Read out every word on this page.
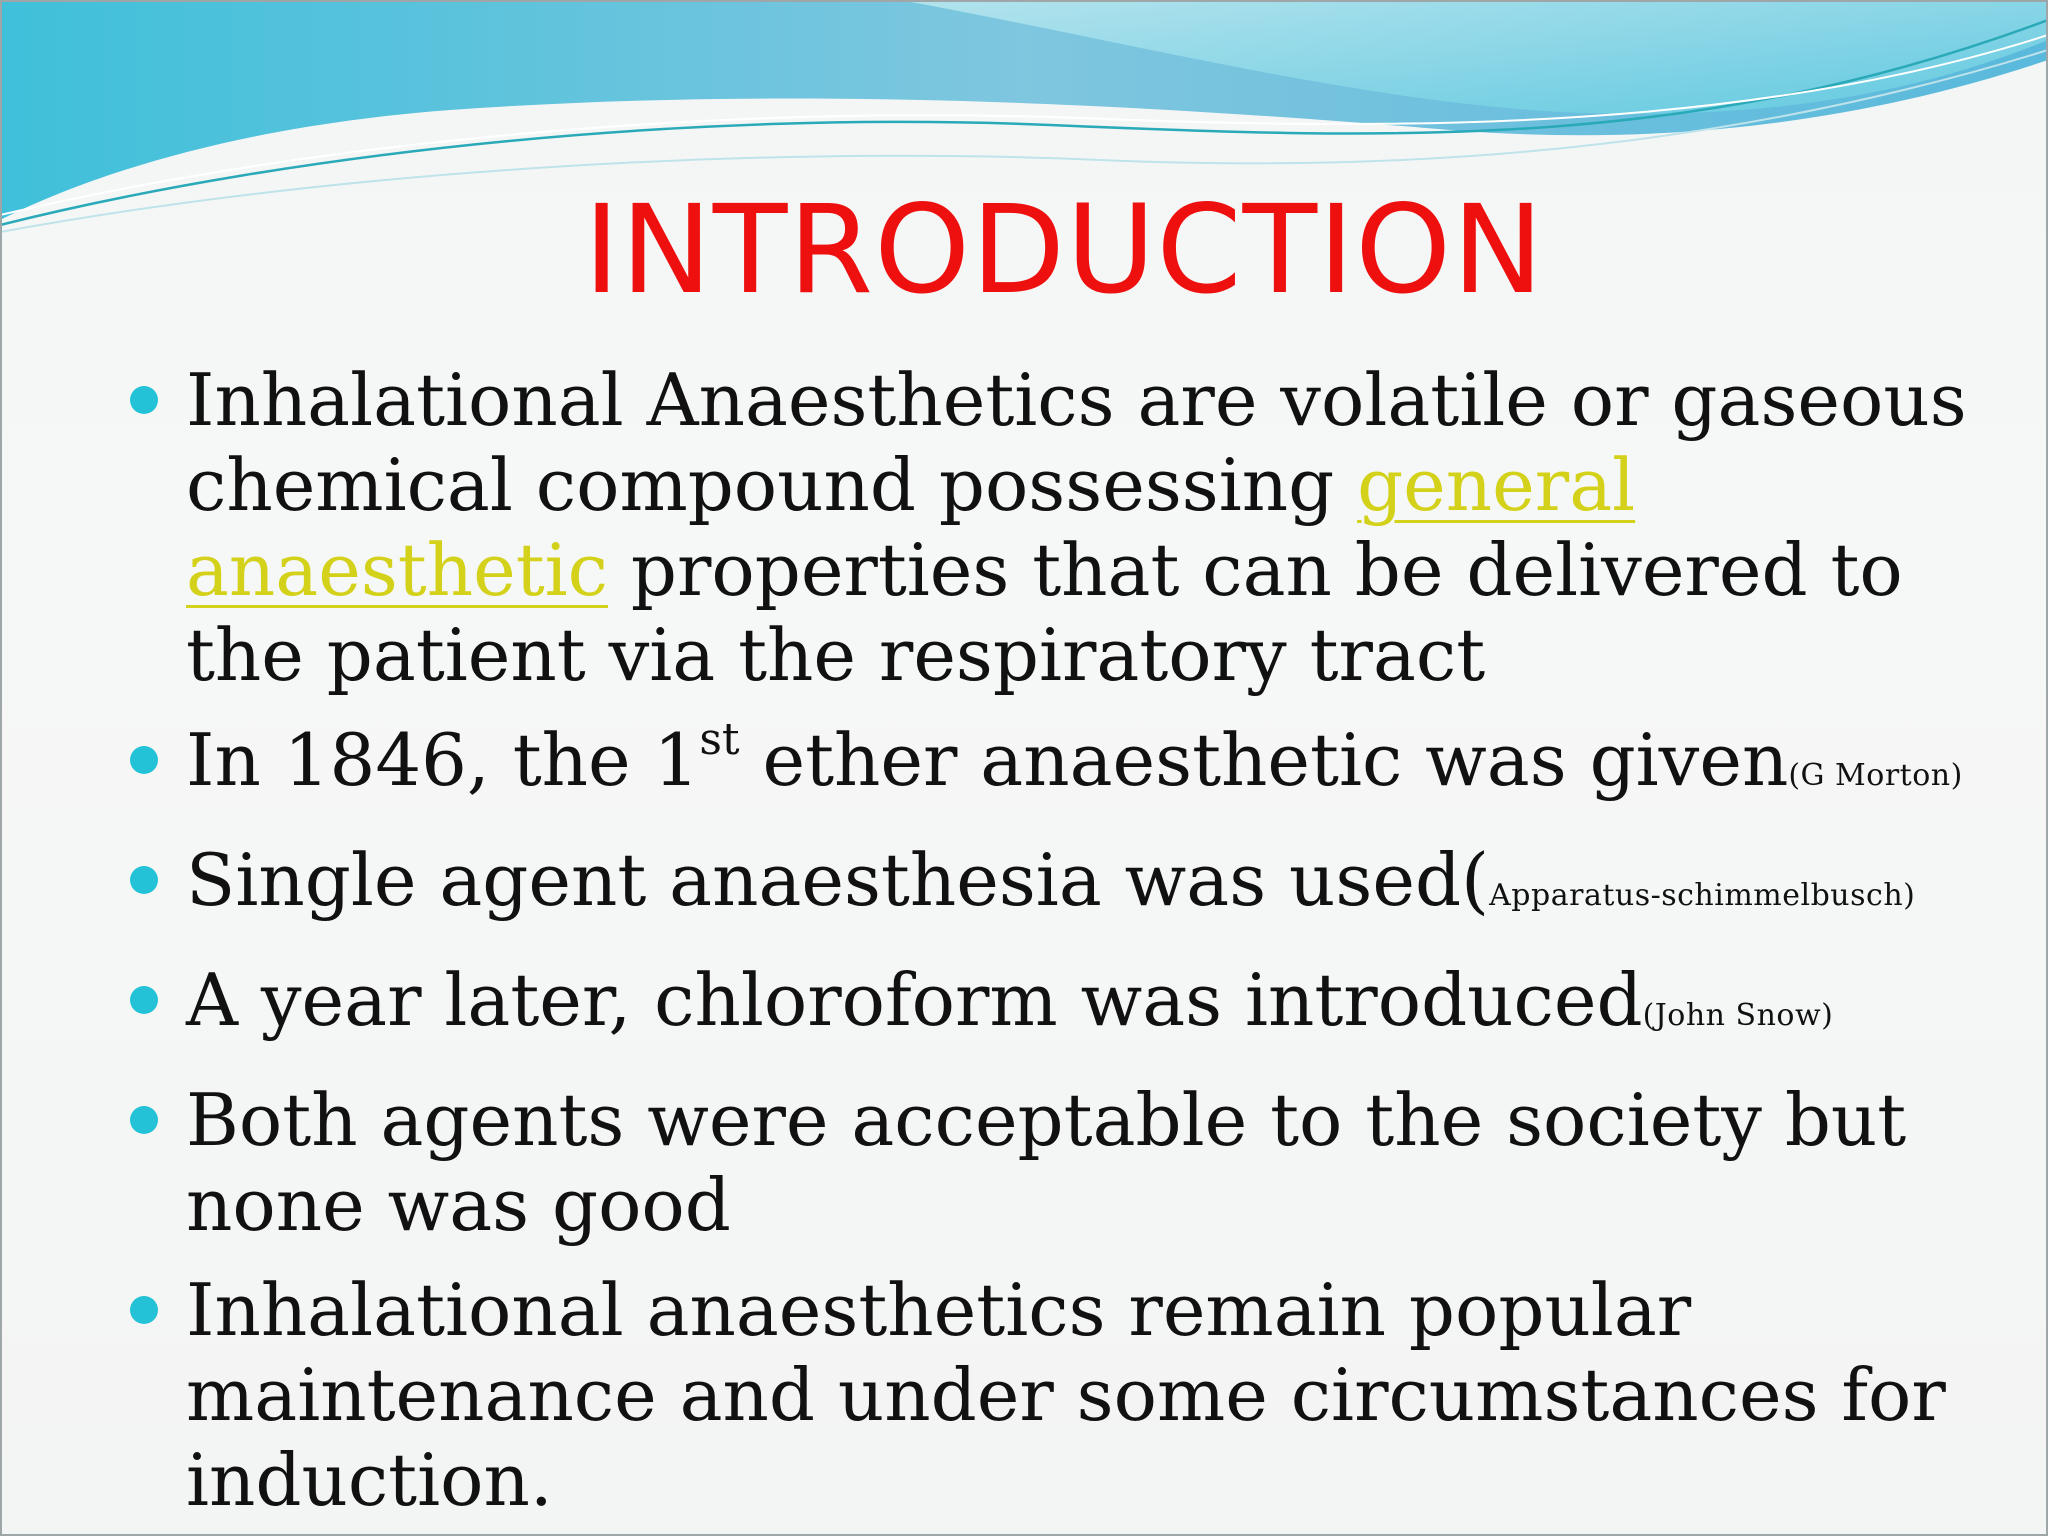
INTRODUCTION
Inhalational Anaesthetics are volatile or gaseous chemical compound possessing general anaesthetic properties that can be delivered to the patient via the respiratory tract
In 1846, the 1st ether anaesthetic was given(G Morton)
Single agent anaesthesia was used(Apparatus-schimmelbusch)
A year later, chloroform was introduced(John Snow)
Both agents were acceptable to the society but none was good
Inhalational anaesthetics remain popular maintenance and under some circumstances for induction.
